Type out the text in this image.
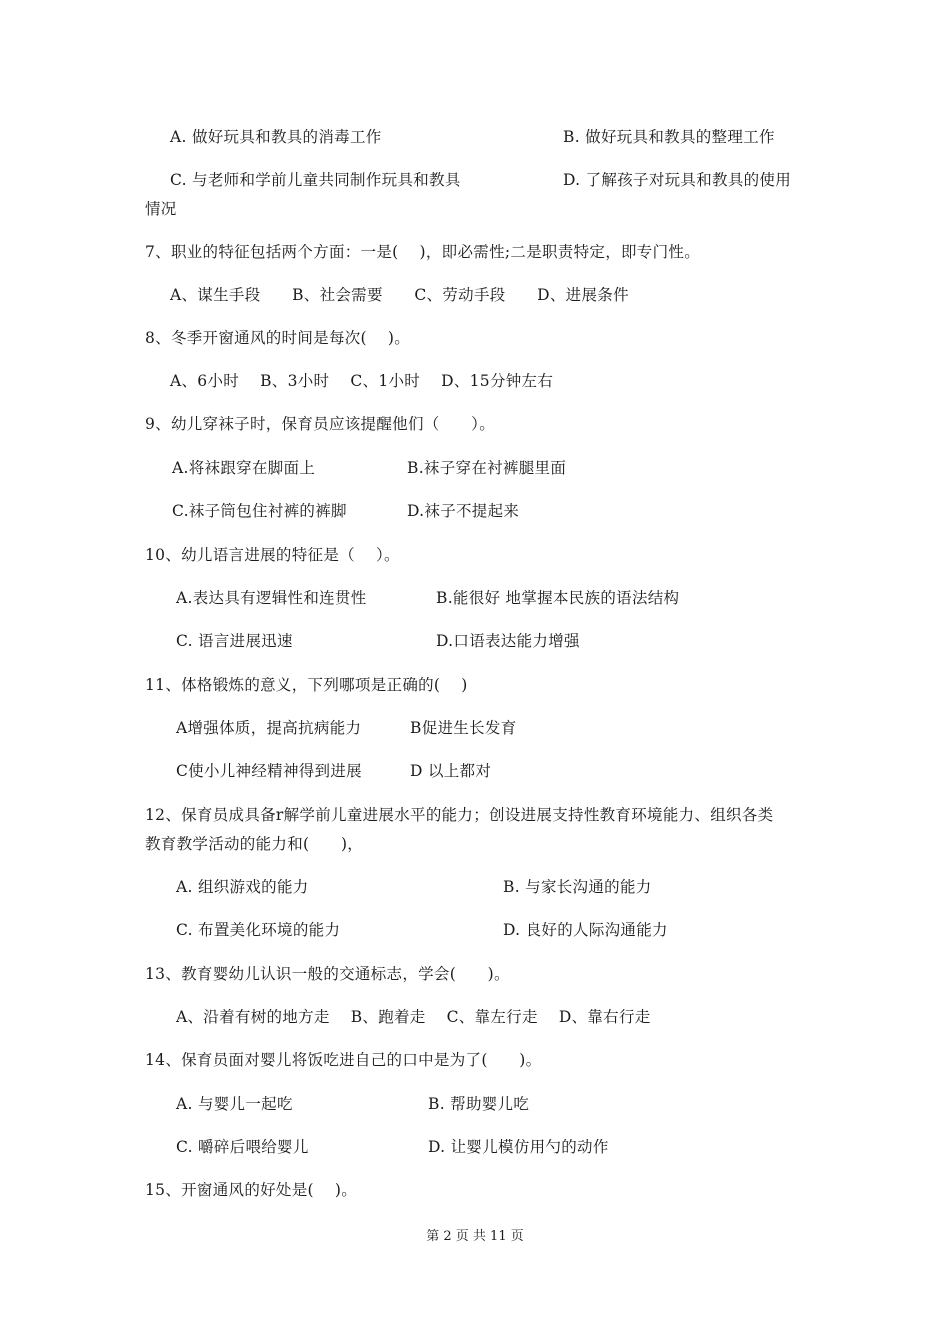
A. 做好玩具和教具的消毒工作	B. 做好玩具和教具的整理工作

C. 与老师和学前儿童共同制作玩具和教具	D. 了解孩子对玩具和教具的使用

情况

7、职业的特征包括两个方面：一是(　 )，即必需性;二是职责特定，即专门性。

A、谋生手段　　B、社会需要　　C、劳动手段　　D、进展条件

8、冬季开窗通风的时间是每次(　 )。

A、6小时　 B、3小时　 C、1小时　 D、15分钟左右

9、幼儿穿袜子时，保育员应该提醒他们（　　）。

A.将袜跟穿在脚面上	B.袜子穿在衬裤腿里面

C.袜子筒包住衬裤的裤脚	D.袜子不提起来

10、幼儿语言进展的特征是（　 ）。

A.表达具有逻辑性和连贯性	B.能很好 地掌握本民族的语法结构

C. 语言进展迅速	D.口语表达能力增强

11、体格锻炼的意义，下列哪项是正确的(　 )

A增强体质，提高抗病能力	B促进生长发育

C使小儿神经精神得到进展	D 以上都对

12、保育员成具备r解学前儿童进展水平的能力；创设进展支持性教育环境能力、组织各类

教育教学活动的能力和(　　)，

A. 组织游戏的能力	B. 与家长沟通的能力

C. 布置美化环境的能力	D. 良好的人际沟通能力

13、教育婴幼儿认识一般的交通标志，学会(　　)。

A、沿着有树的地方走　 B、跑着走　 C、靠左行走　 D、靠右行走

14、保育员面对婴儿将饭吃进自己的口中是为了(　　)。

A. 与婴儿一起吃	B. 帮助婴儿吃

C. 嚼碎后喂给婴儿	D. 让婴儿模仿用勺的动作

15、开窗通风的好处是(　 )。

第 2 页 共 11 页
